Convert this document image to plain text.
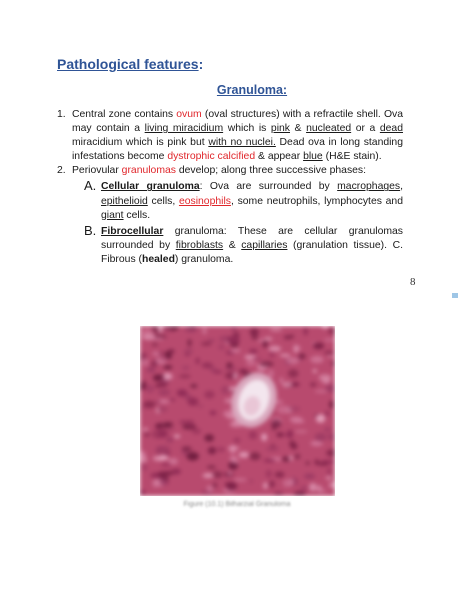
Pathological features:
Granuloma:
1. Central zone contains ovum (oval structures) with a refractile shell. Ova may contain a living miracidium which is pink & nucleated or a dead miracidium which is pink but with no nuclei. Dead ova in long standing infestations become dystrophic calcified & appear blue (H&E stain).
2. Periovular granulomas develop; along three successive phases:
A. Cellular granuloma: Ova are surrounded by macrophages, epithelioid cells, eosinophils, some neutrophils, lymphocytes and giant cells.
B. Fibrocellular granuloma: These are cellular granulomas surrounded by fibroblasts & capillaries (granulation tissue). C. Fibrous (healed) granuloma.
8
Figure (10.1) Bilharzial Granuloma
